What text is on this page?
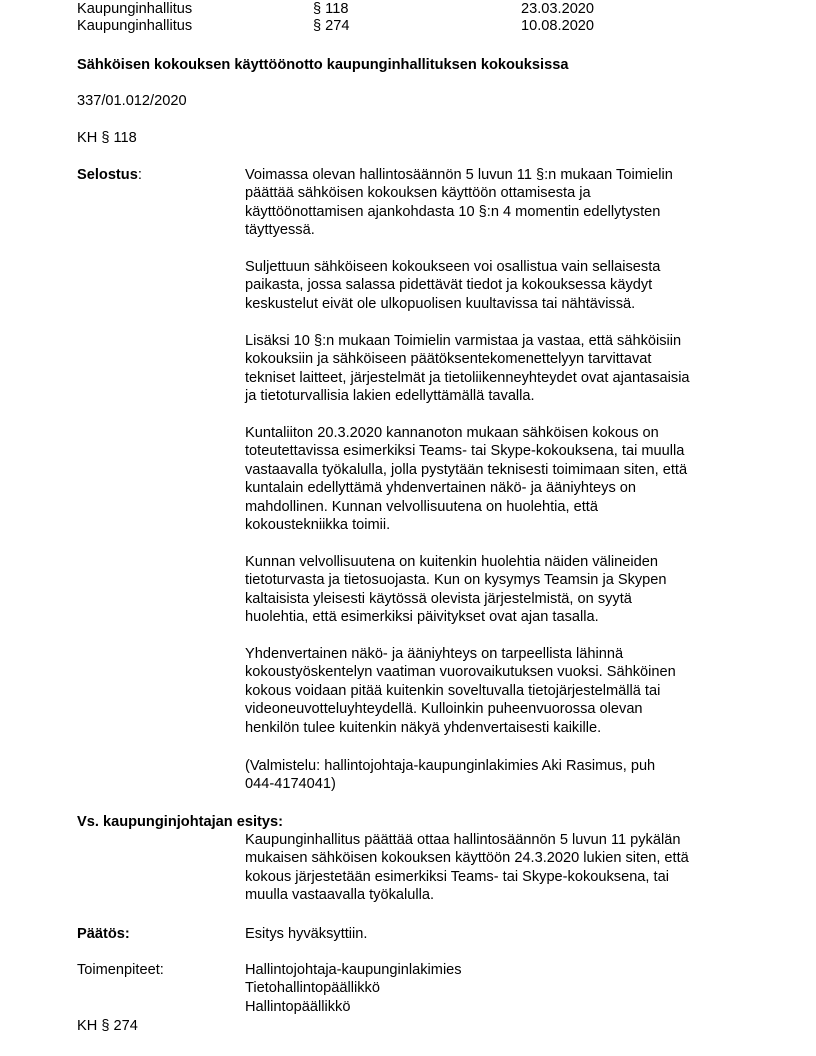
Kaupunginhallitus	§ 118	23.03.2020
Kaupunginhallitus	§ 274	10.08.2020
Sähköisen kokouksen käyttöönotto kaupunginhallituksen kokouksissa
337/01.012/2020
KH § 118
Selostus:	Voimassa olevan hallintosäännön 5 luvun 11 §:n mukaan Toimielin
päättää sähköisen kokouksen käyttöön ottamisesta ja
käyttöönottamisen ajankohdasta 10 §:n 4 momentin edellytysten
täyttyessä.
Suljettuun sähköiseen kokoukseen voi osallistua vain sellaisesta
paikasta, jossa salassa pidettävät tiedot ja kokouksessa käydyt
keskustelut eivät ole ulkopuolisen kuultavissa tai nähtävissä.
Lisäksi 10 §:n mukaan Toimielin varmistaa ja vastaa, että sähköisiin
kokouksiin ja sähköiseen päätöksentekomenettelyyn tarvittavat
tekniset laitteet, järjestelmät ja tietoliikenneyhteydet ovat ajantasaisia
ja tietoturvallisia lakien edellyttämällä tavalla.
Kuntaliiton 20.3.2020 kannanoton mukaan sähköisen kokous on
toteutettavissa esimerkiksi Teams- tai Skype-kokouksena, tai muulla
vastaavalla työkalulla, jolla pystytään teknisesti toimimaan siten, että
kuntalain edellyttämä yhdenvertainen näkö- ja ääniyhteys on
mahdollinen. Kunnan velvollisuutena on huolehtia, että
kokoustekniikka toimii.
Kunnan velvollisuutena on kuitenkin huolehtia näiden välineiden
tietoturvasta ja tietosuojasta. Kun on kysymys Teamsin ja Skypen
kaltaisista yleisesti käytössä olevista järjestelmistä, on syytä
huolehtia, että esimerkiksi päivitykset ovat ajan tasalla.
Yhdenvertainen näkö- ja ääniyhteys on tarpeellista lähinnä
kokoustyöskentelyn vaatiman vuorovaikutuksen vuoksi. Sähköinen
kokous voidaan pitää kuitenkin soveltuvalla tietojärjestelmällä tai
videoneuvotteluyhteydellä. Kulloinkin puheenvuorossa olevan
henkilön tulee kuitenkin näkyä yhdenvertaisesti kaikille.
(Valmistelu: hallintojohtaja-kaupunginlakimies Aki Rasimus, puh
044-4174041)
Vs. kaupunginjohtajan esitys:
Kaupunginhallitus päättää ottaa hallintosäännön 5 luvun 11 pykälän
mukaisen sähköisen kokouksen käyttöön 24.3.2020 lukien siten, että
kokous järjestetään esimerkiksi Teams- tai Skype-kokouksena, tai
muulla vastaavalla työkalulla.
Päätös:	Esitys hyväksyttiin.
Toimenpiteet:	Hallintojohtaja-kaupunginlakimies
Tietohallintopäällikkö
Hallintopäällikkö
KH § 274
